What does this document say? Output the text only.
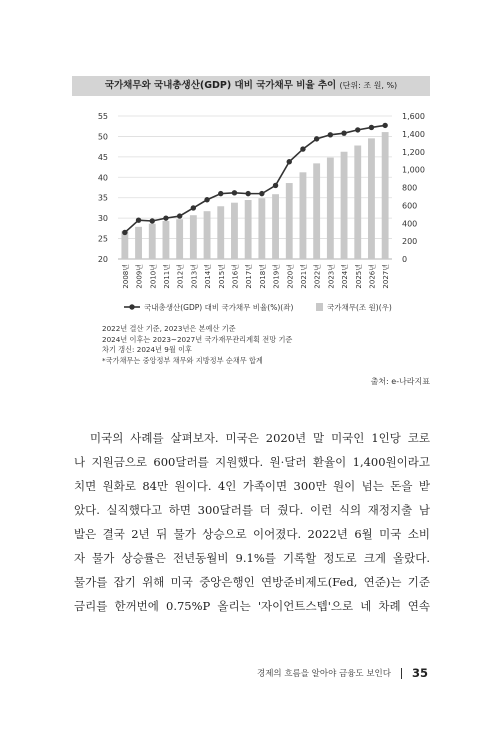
국가채무와 국내총생산(GDP) 대비 국가채무 비율 추이 (단위: 조 원, %)
20
25
30
35
40
45
50
55
0
200
400
600
800
1,000
1,200
1,400
1,600
2008년 2009년 2010년 2011년 2012년 2013년 2014년 2015년 2016년 2017년 2018년 2019년 2020년 2021년 2022년 2023년 2024년 2025년 2026년 2027년
국내총생산(GDP) 대비 국가채무 비율(%)(좌)	국가채무(조 원)(우)
2022년 결산 기준, 2023년은 본예산 기준
2024년 이후는 2023~2027년 국가재무관리계획 전망 기준
차기 갱신: 2024년 9월 이후
*국가채무는 중앙정부 채무와 지방정부 순채무 합계
출처: e-나라지표

미국의 사례를 살펴보자. 미국은 2020년 말 미국인 1인당 코로

나 지원금으로 600달러를 지원했다. 원·달러 환율이 1,400원이라고

치면 원화로 84만 원이다. 4인 가족이면 300만 원이 넘는 돈을 받

았다. 실직했다고 하면 300달러를 더 줬다. 이런 식의 재정지출 남

발은 결국 2년 뒤 물가 상승으로 이어졌다. 2022년 6월 미국 소비

자 물가 상승률은 전년동월비 9.1%를 기록할 정도로 크게 올랐다.

물가를 잡기 위해 미국 중앙은행인 연방준비제도(Fed, 연준)는 기준

금리를 한꺼번에 0.75%P 올리는 '자이언트스텝'으로 네 차례 연속

경제의 흐름을 알아야 금융도 보인다 35
